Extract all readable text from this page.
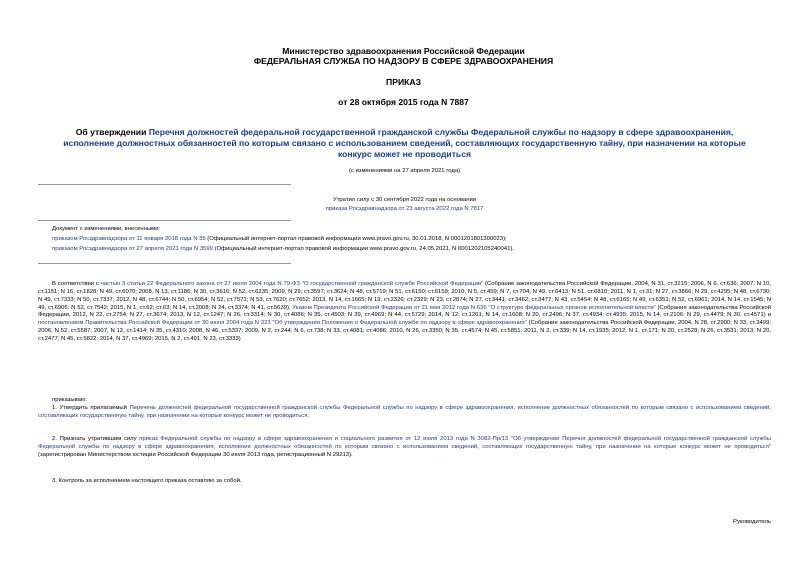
Министерство здравоохранения Российской Федерации
ФЕДЕРАЛЬНАЯ СЛУЖБА ПО НАДЗОРУ В СФЕРЕ ЗДРАВООХРАНЕНИЯ
ПРИКАЗ
от 28 октября 2015 года N 7887
Об утверждении Перечня должностей федеральной государственной гражданской службы Федеральной службы по надзору в сфере здравоохранения, исполнение должностных обязанностей по которым связано с использованием сведений, составляющих государственную тайну, при назначении на которые конкурс может не проводиться
(с изменениями на 27 апреля 2021 года)
Утратил силу с 30 сентября 2022 года на основании
приказа Росздравнадзора от 23 августа 2022 года N 7817
Документ с изменениями, внесенными:
приказом Росздравнадзора от 11 января 2018 года N 35 (Официальный интернет-портал правовой информации www.pravo.gov.ru, 30.01.2018, N 0001201801300023);
приказом Росздравнадзора от 27 апреля 2021 года N 3599 (Официальный интернет-портал правовой информации www.pravo.gov.ru, 24.05.2021, N 0001202105240041).
В соответствии с частью 3 статьи 22 Федерального закона от 27 июля 2004 года N 79-ФЗ "О государственной гражданской службе Российской Федерации" (Собрание законодательства Российской Федерации, 2004, N 31, ст.3215; 2006, N 6, ст.636; 2007, N 10, ст.1151; N 16, ст.1828; N 49, ст.6070; 2008, N 13, ст.1186; N 30, ст.3616; N 52, ст.6235; 2009, N 29, ст.3597; ст.3624; N 48, ст.5719; N 51, ст.6150; ст.6159; 2010, N 5, ст.459; N 7, ст.704; N 49, ст.6413; N 51, ст.6810; 2011, N 1, ст.31; N 27, ст.3866; N 29, ст.4295; N 48, ст.6730; N 49, ст.7333; N 50, ст.7337; 2012, N 48, ст.6744; N 50, ст.6954; N 52, ст.7571; N 53, ст.7620; ст.7652; 2013, N 14, ст.1665; N 19, ст.2326; ст.2329; N 23, ст.2874; N 27, ст.3441; ст.3462; ст.3477; N 43, ст.5454; N 48, ст.6165; N 49, ст.6351; N 52, ст.6961; 2014, N 14, ст.1545; N 49, ст.6905; N 52, ст.7542; 2015, N 1, ст.62; ст.63; N 14, ст.2008; N 24, ст.3374; N 41, ст.5639), Указом Президента Российской Федерации от 21 мая 2012 года N 636 "О структуре федеральных органов исполнительной власти" (Собрание законодательства Российской Федерации, 2012, N 22, ст.2754; N 27, ст.3674; 2013, N 12, ст.1247; N 26, ст.3314; N 30, ст.4086; N 35, ст.4503; N 39, ст.4969; N 44, ст.5729; 2014, N 12, ст.1261; N 14, ст.1608; N 20, ст.2496; N 37, ст.4934; ст.4935; 2015, N 14, ст.2106; N 29, ст.4479; N 30, ст.4571) и постановлением Правительства Российской Федерации от 30 июня 2004 года N 323 "Об утверждении Положения о Федеральной службе по надзору в сфере здравоохранения" (Собрание законодательства Российской Федерации, 2004, N 28, ст.2900; N 33, ст.3499; 2006, N 52, ст.5587; 2007, N 12, ст.1414; N 35, ст.4310; 2008, N 46, ст.5337; 2009, N 2, ст.244; N 6, ст.738; N 33, ст.4081; ст.4086; 2010, N 26, ст.3350; N 35, ст.4574; N 45, ст.5851; 2011, N 2, ст.339; N 14, ст.1935; 2012, N 1, ст.171; N 20, ст.2528; N 26, ст.3531; 2013, N 20, ст.2477; N 45, ст.5822; 2014, N 37, ст.4969; 2015, N 2, ст.491; N 23, ст.3333)
приказываю:
1. Утвердить прилагаемый Перечень должностей федеральной государственной гражданской службы Федеральной службы по надзору в сфере здравоохранения, исполнение должностных обязанностей по которым связано с использованием сведений, составляющих государственную тайну, при назначении на которые конкурс может не проводиться.
2. Признать утратившим силу приказ Федеральной службы по надзору в сфере здравоохранения и социального развития от 12 июля 2013 года N 3082-Пр/13 "Об утверждении Перечня должностей федеральной государственной гражданской службы Федеральной службы по надзору в сфере здравоохранения, исполнение должностных обязанностей по которым связано с использованием сведений, составляющих государственную тайну, при назначении на которые конкурс может не проводиться" (зарегистрирован Министерством юстиции Российской Федерации 30 июля 2013 года, регистрационный N 29213).
3. Контроль за исполнением настоящего приказа оставляю за собой.
Руководитель
